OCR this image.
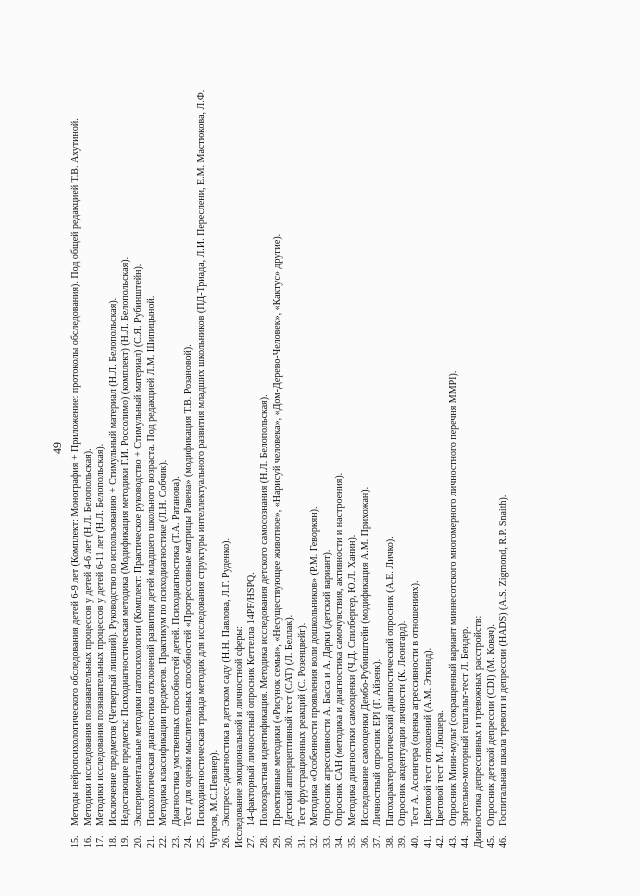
49
15.Методы нейропсихологического обследования детей 6-9 лет (Комплект: Монография + Приложение: протоколы обследования). Под общей редакцией Т.В. Ахутиной.
16.Методики исследования познавательных процессов у детей 4-6 лет (Н.Л. Белопольская).
17.Методики исследования познавательных процессов у детей 6-11 лет (Н.Л. Белопольская).
18.Исключение предметов (Четвертый лишний). Руководство по использованию + Стимульный материал (Н.Л. Белопольская).
19.Недостающие предметы: Психодиагностическая методика (Модификация методики Г.И. Россолимо) (комплект) (Н.Л. Белопольская).
20.Экспериментальные методики патопсихологии (Комплект: Практическое руководство + Стимульный материал) (С.Я. Рубинштейн).
21.Психологическая диагностика отклонений развития детей младшего школьного возраста. Под редакцией Л.М. Шипицыной.
22.Методика классификации предметов. Практикум по психодиагностике (Л.Н. Собчик).
23.Диагностика умственных способностей детей. Психодиагностика (Т.А. Ратанова).
24.Тест для оценки мыслительных способностей «Прогрессивные матрицы Равена» (модификация Т.В. Розановой).
25.Психодиагностическая триада методик для исследования структуры интеллектуального развития младших школьников (ПД-Триада, Л.И. Переслени, Е.М. Мастюкова, Л.Ф. Чупров, М.С.Певзнер). 26.Экспресс-диагностика в детском саду (Н.Н. Павлова, Л.Г. Руденко). Исследование эмоциональной и личностной сферы: 27.14-факторный личностный опросник Кеттелла 14PF/HSPQ.
28.Полоозрастная идентификация. Методика исследования детского самосознания (Н.Л. Белопольская).
29.Проективные методики («Рисунок семьи», «Несуществующее животное», «Нарисуй человека», «Дом-Дерево-Человек», «Кактус» другие).
30.Детский апперцептивный тест (CAT) (Л. Беллак).
31.Тест фрустрационных реакций (С. Розенцвейг).
32.Методика «Особенности проявления воли дошкольников» (Р.М. Геворкян).
33.Опросник агрессивности А. Басса и А. Дарки (детский вариант).
34.Опросник САН (методика и диагностика самочувствия, активности и настроения).
35.Методика диагностики самооценки (Ч.Д. Спилбергер, Ю.Л. Ханин).
36.Исследование самооценки Дембо-Рубинштейн (модификация А.М. Прихожан).
37.Личностный опросник EPI (Г. Айзенк).
38.Патохарактерологический диагностический опросник (А.Е. Личко).
39.Опросник акцентуации личности (К. Леонгард).
40.Тест А. Ассингера (оценка агрессивности в отношениях).
41.Цветовой тест отношений (А.М. Эткинд).
42.Цветовой тест М. Люшера.
43.Опросник Мини-мульт (сокращенный вариант миннесотского многомерного личностного перечня MMPI).
44.Зрительно-моторный гештальт-тест Л. Бендер. Диагностика депрессивных и тревожных расстройств: 45.Опросник детской депрессии (CDI) (М. Ковач).
46.Госпитальная шкала тревоги и депрессии (HADS) (A.S. Zigmond, R.P. Snaith).
